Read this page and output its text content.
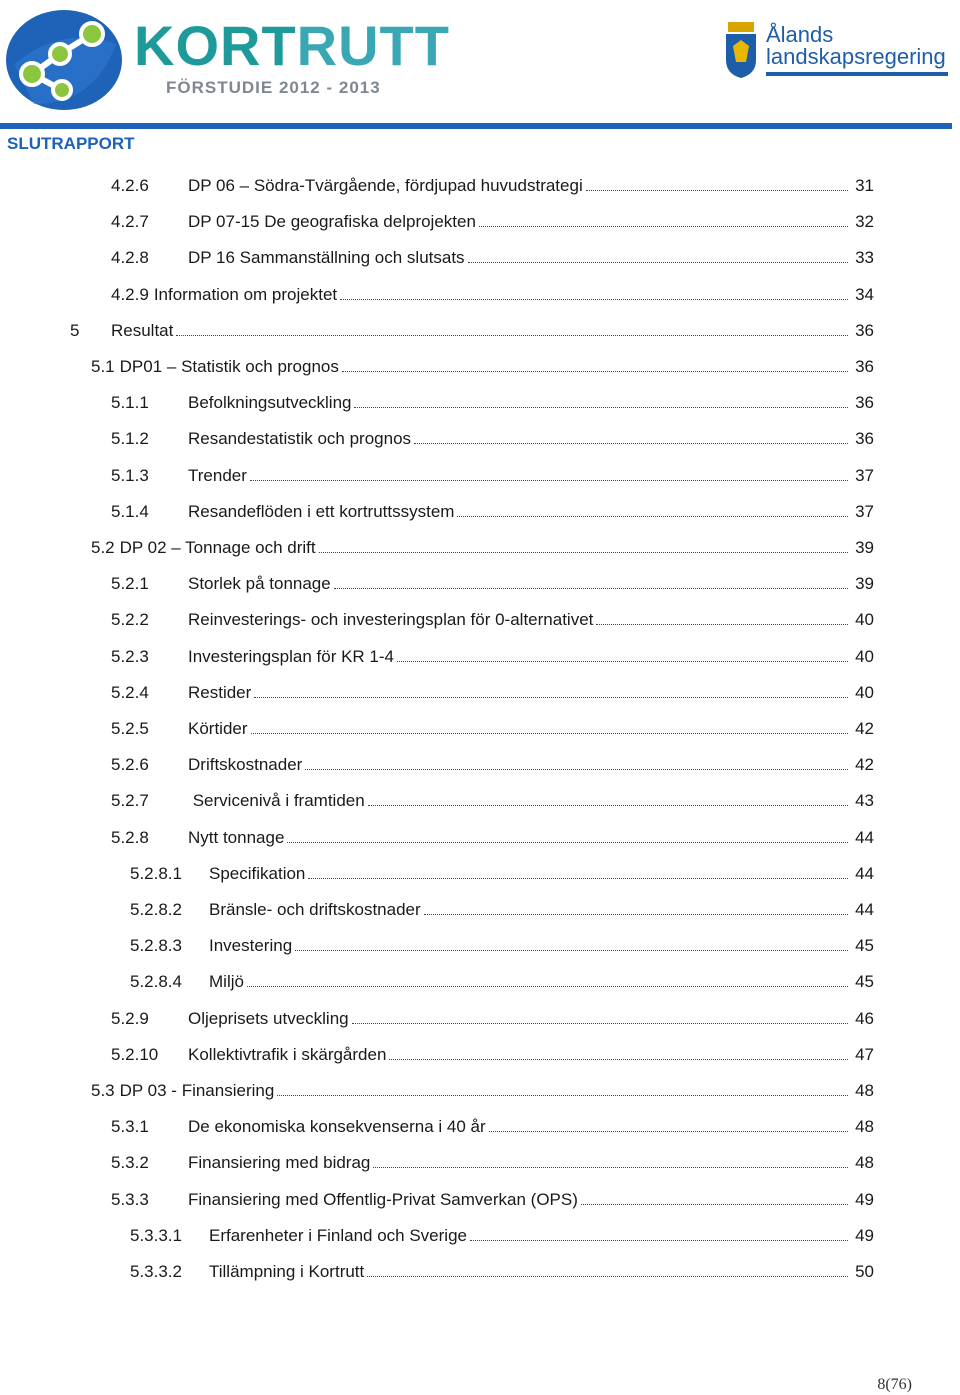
KORTRUTT
FÖRSTUDIE 2012 - 2013
Ålands
landskapsregering
SLUTRAPPORT
4.2.6	DP 06 – Södra-Tvärgående, fördjupad huvudstrategi	31
4.2.7	DP 07-15 De geografiska delprojekten	32
4.2.8	DP 16 Sammanställning och slutsats	33
4.2.9 Information om projektet	34
5	Resultat	36
5.1 DP01 – Statistik och prognos	36
5.1.1	Befolkningsutveckling	36
5.1.2	Resandestatistik och prognos	36
5.1.3	Trender	37
5.1.4	Resandeflöden i ett kortruttssystem	37
5.2 DP 02 – Tonnage och drift	39
5.2.1	Storlek på tonnage	39
5.2.2	Reinvesterings- och investeringsplan för 0-alternativet	40
5.2.3	Investeringsplan för KR 1-4	40
5.2.4	Restider	40
5.2.5	Körtider	42
5.2.6	Driftskostnader	42
5.2.7	Servicenivå i framtiden	43
5.2.8	Nytt tonnage	44
5.2.8.1	Specifikation	44
5.2.8.2	Bränsle- och driftskostnader	44
5.2.8.3	Investering	45
5.2.8.4	Miljö	45
5.2.9	Oljeprisets utveckling	46
5.2.10	Kollektivtrafik i skärgården	47
5.3 DP 03 - Finansiering	48
5.3.1	De ekonomiska konsekvenserna i 40 år	48
5.3.2	Finansiering med bidrag	48
5.3.3	Finansiering med Offentlig-Privat Samverkan (OPS)	49
5.3.3.1	Erfarenheter i Finland och Sverige	49
5.3.3.2	Tillämpning i Kortrutt	50
8(76)
